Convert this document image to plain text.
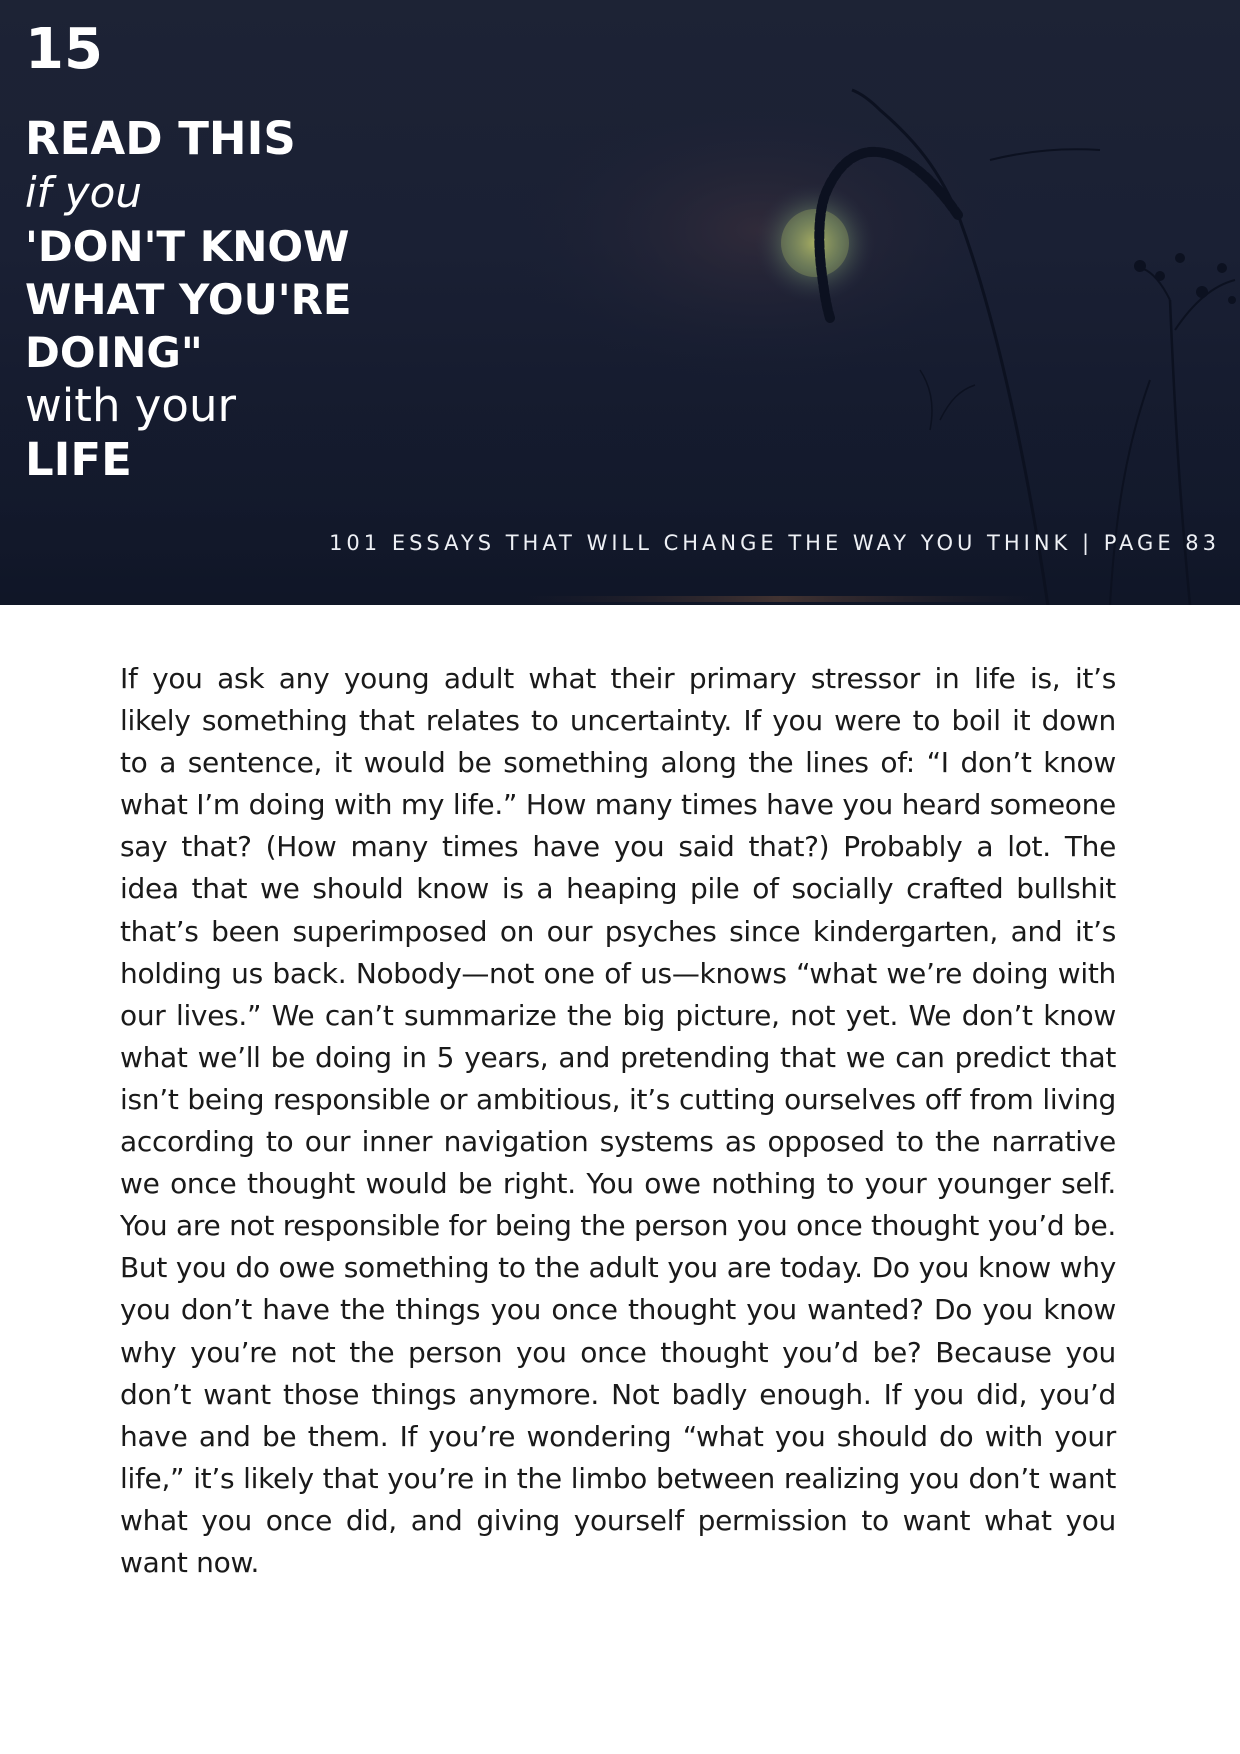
15
READ THIS
if you
'DON'T KNOW
WHAT YOU'RE
DOING"
with your
LIFE
101 ESSAYS THAT WILL CHANGE THE WAY YOU THINK | PAGE 83

If you ask any young adult what their primary stressor in life is, it’s likely something that relates to uncertainty. If you were to boil it down to a sentence, it would be something along the lines of: “I don’t know what I’m doing with my life.” How many times have you heard someone say that? (How many times have you said that?) Probably a lot. The idea that we should know is a heaping pile of socially crafted bullshit that’s been superimposed on our psyches since kindergarten, and it’s holding us back. Nobody—not one of us—knows “what we’re doing with our lives.” We can’t summarize the big picture, not yet. We don’t know what we’ll be doing in 5 years, and pretending that we can predict that isn’t being responsible or ambitious, it’s cutting ourselves off from living according to our inner navigation systems as opposed to the narrative we once thought would be right. You owe nothing to your younger self. You are not responsible for being the person you once thought you’d be. But you do owe something to the adult you are today. Do you know why you don’t have the things you once thought you wanted? Do you know why you’re not the person you once thought you’d be? Because you don’t want those things anymore. Not badly enough. If you did, you’d have and be them. If you’re wondering “what you should do with your life,” it’s likely that you’re in the limbo between realizing you don’t want what you once did, and giving yourself permission to want what you want now.
